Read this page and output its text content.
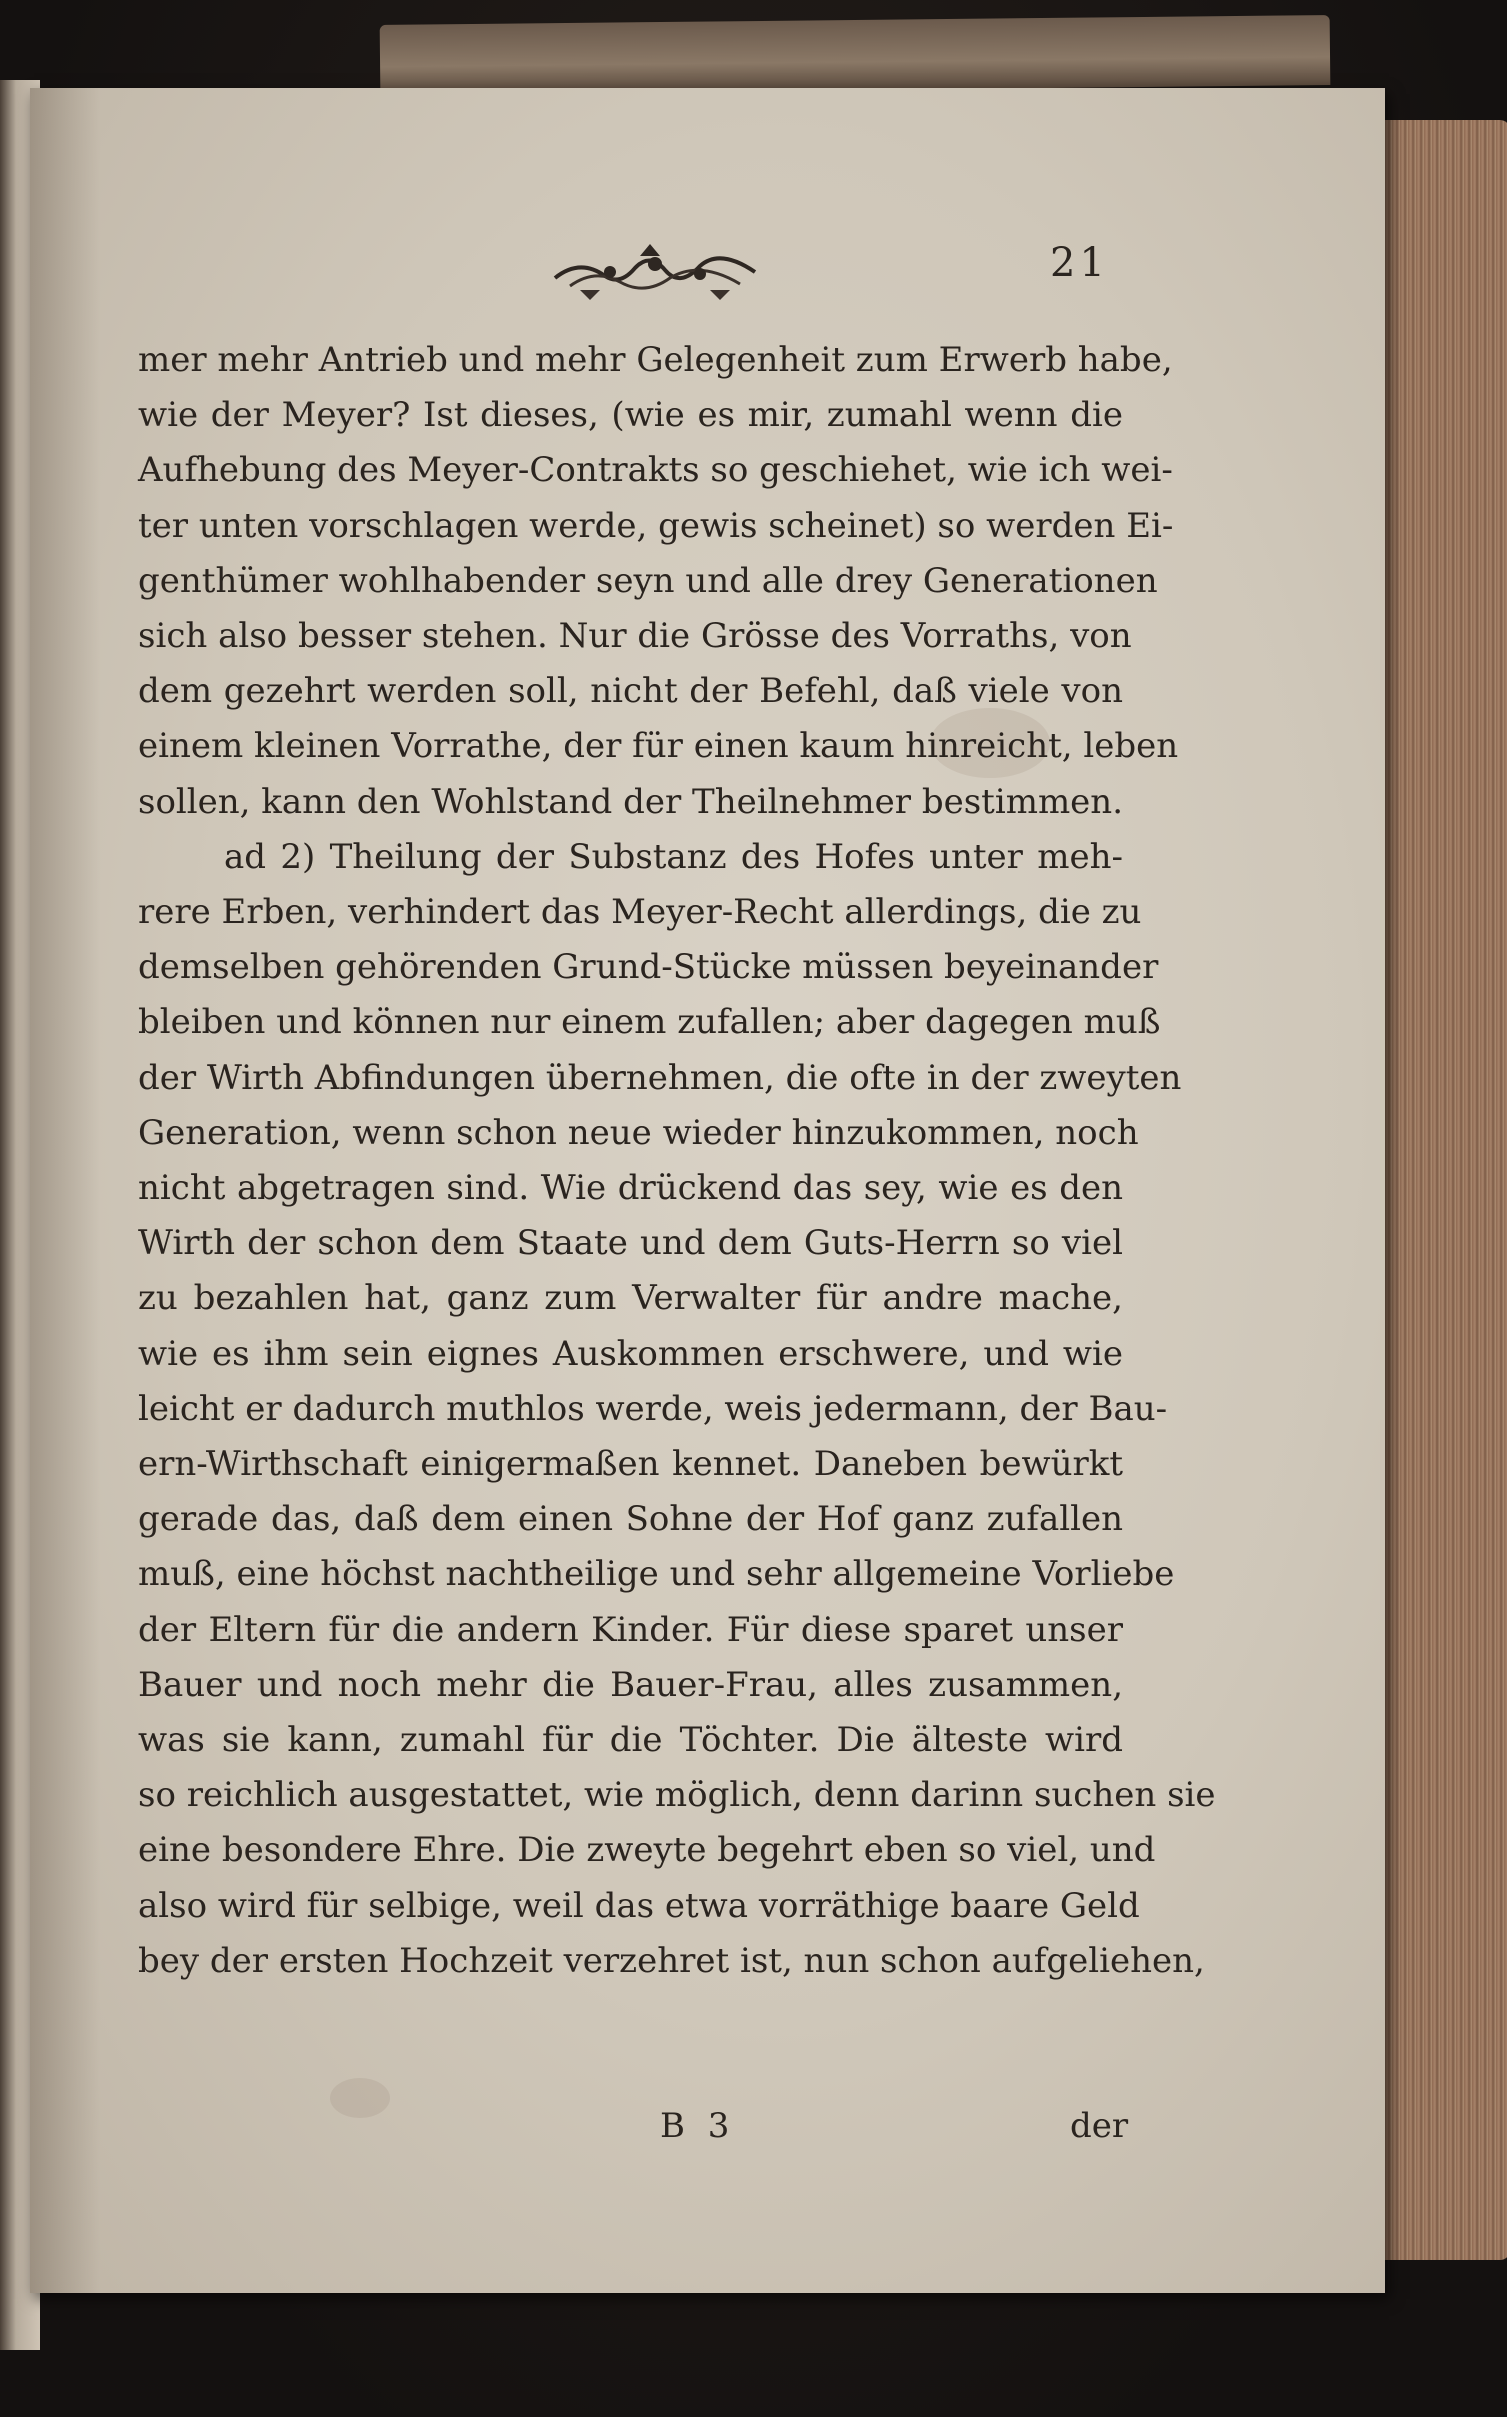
21
mer mehr Antrieb und mehr Gelegenheit zum Erwerb habe,
wie der Meyer? Ist dieses, (wie es mir, zumahl wenn die
Aufhebung des Meyer-Contrakts so geschiehet, wie ich wei-
ter unten vorschlagen werde, gewis scheinet) so werden Ei-
genthümer wohlhabender seyn und alle drey Generationen
sich also besser stehen. Nur die Grösse des Vorraths, von
dem gezehrt werden soll, nicht der Befehl, daß viele von
einem kleinen Vorrathe, der für einen kaum hinreicht, leben
sollen, kann den Wohlstand der Theilnehmer bestimmen.
ad 2) Theilung der Substanz des Hofes unter meh-
rere Erben, verhindert das Meyer-Recht allerdings, die zu
demselben gehörenden Grund-Stücke müssen beyeinander
bleiben und können nur einem zufallen; aber dagegen muß
der Wirth Abfindungen übernehmen, die ofte in der zweyten
Generation, wenn schon neue wieder hinzukommen, noch
nicht abgetragen sind. Wie drückend das sey, wie es den
Wirth der schon dem Staate und dem Guts-Herrn so viel
zu bezahlen hat, ganz zum Verwalter für andre mache,
wie es ihm sein eignes Auskommen erschwere, und wie
leicht er dadurch muthlos werde, weis jedermann, der Bau-
ern-Wirthschaft einigermaßen kennet. Daneben bewürkt
gerade das, daß dem einen Sohne der Hof ganz zufallen
muß, eine höchst nachtheilige und sehr allgemeine Vorliebe
der Eltern für die andern Kinder. Für diese sparet unser
Bauer und noch mehr die Bauer-Frau, alles zusammen,
was sie kann, zumahl für die Töchter. Die älteste wird
so reichlich ausgestattet, wie möglich, denn darinn suchen sie
eine besondere Ehre. Die zweyte begehrt eben so viel, und
also wird für selbige, weil das etwa vorräthige baare Geld
bey der ersten Hochzeit verzehret ist, nun schon aufgeliehen,
B 3	der
